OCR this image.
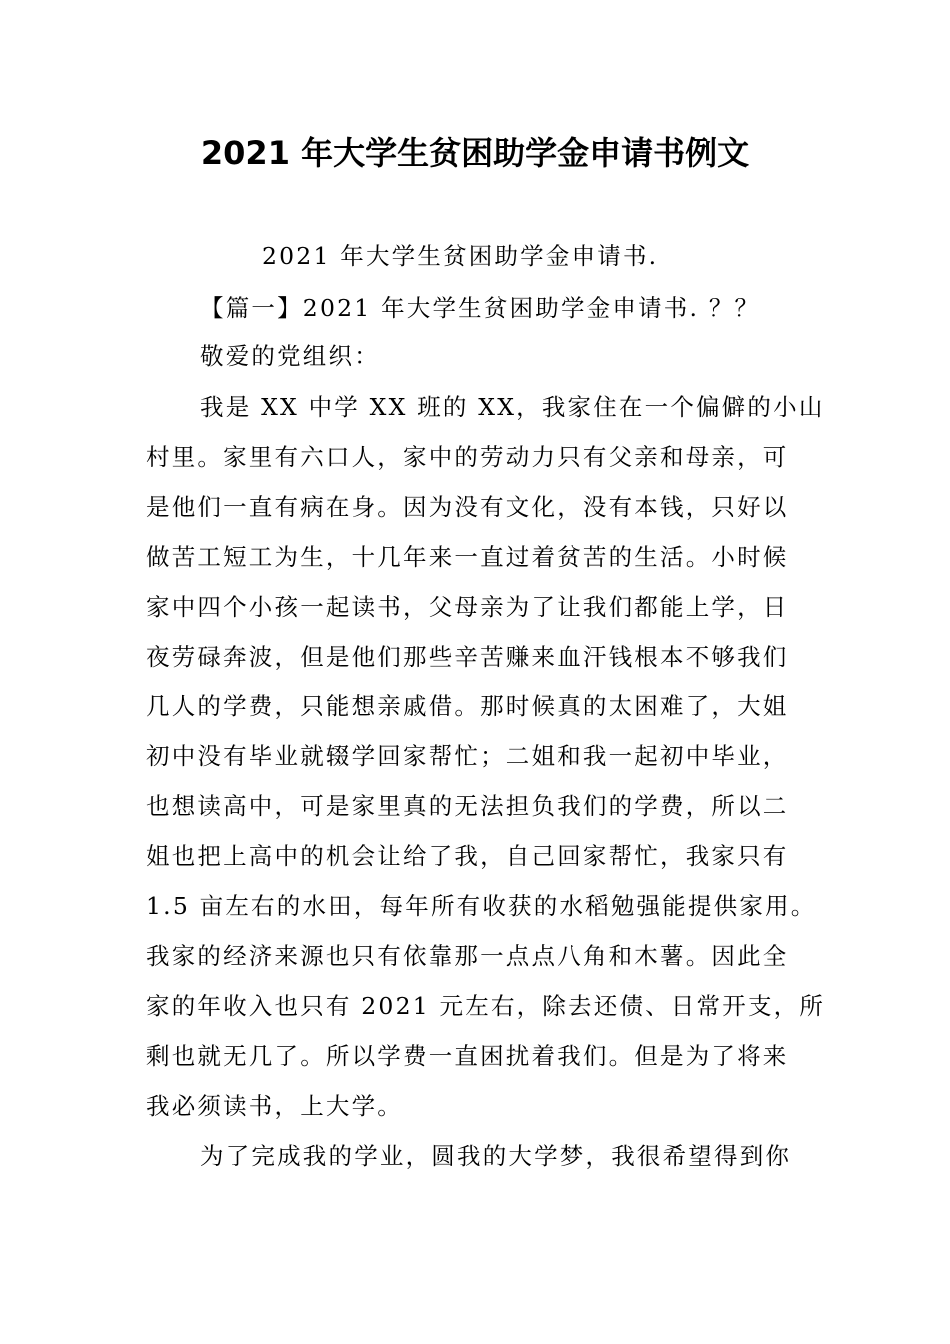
2021 年大学生贫困助学金申请书例文
2021 年大学生贫困助学金申请书.
【篇一】2021 年大学生贫困助学金申请书. ？？
敬爱的党组织：
我是 XX 中学 XX 班的 XX，我家住在一个偏僻的小山
村里。家里有六口人，家中的劳动力只有父亲和母亲，可
是他们一直有病在身。因为没有文化，没有本钱，只好以
做苦工短工为生，十几年来一直过着贫苦的生活。小时候
家中四个小孩一起读书，父母亲为了让我们都能上学，日
夜劳碌奔波，但是他们那些辛苦赚来血汗钱根本不够我们
几人的学费，只能想亲戚借。那时候真的太困难了，大姐
初中没有毕业就辍学回家帮忙；二姐和我一起初中毕业，
也想读高中，可是家里真的无法担负我们的学费，所以二
姐也把上高中的机会让给了我，自己回家帮忙，我家只有
1.5 亩左右的水田，每年所有收获的水稻勉强能提供家用。
我家的经济来源也只有依靠那一点点八角和木薯。因此全
家的年收入也只有 2021 元左右，除去还债、日常开支，所
剩也就无几了。所以学费一直困扰着我们。但是为了将来
我必须读书，上大学。
为了完成我的学业，圆我的大学梦，我很希望得到你
